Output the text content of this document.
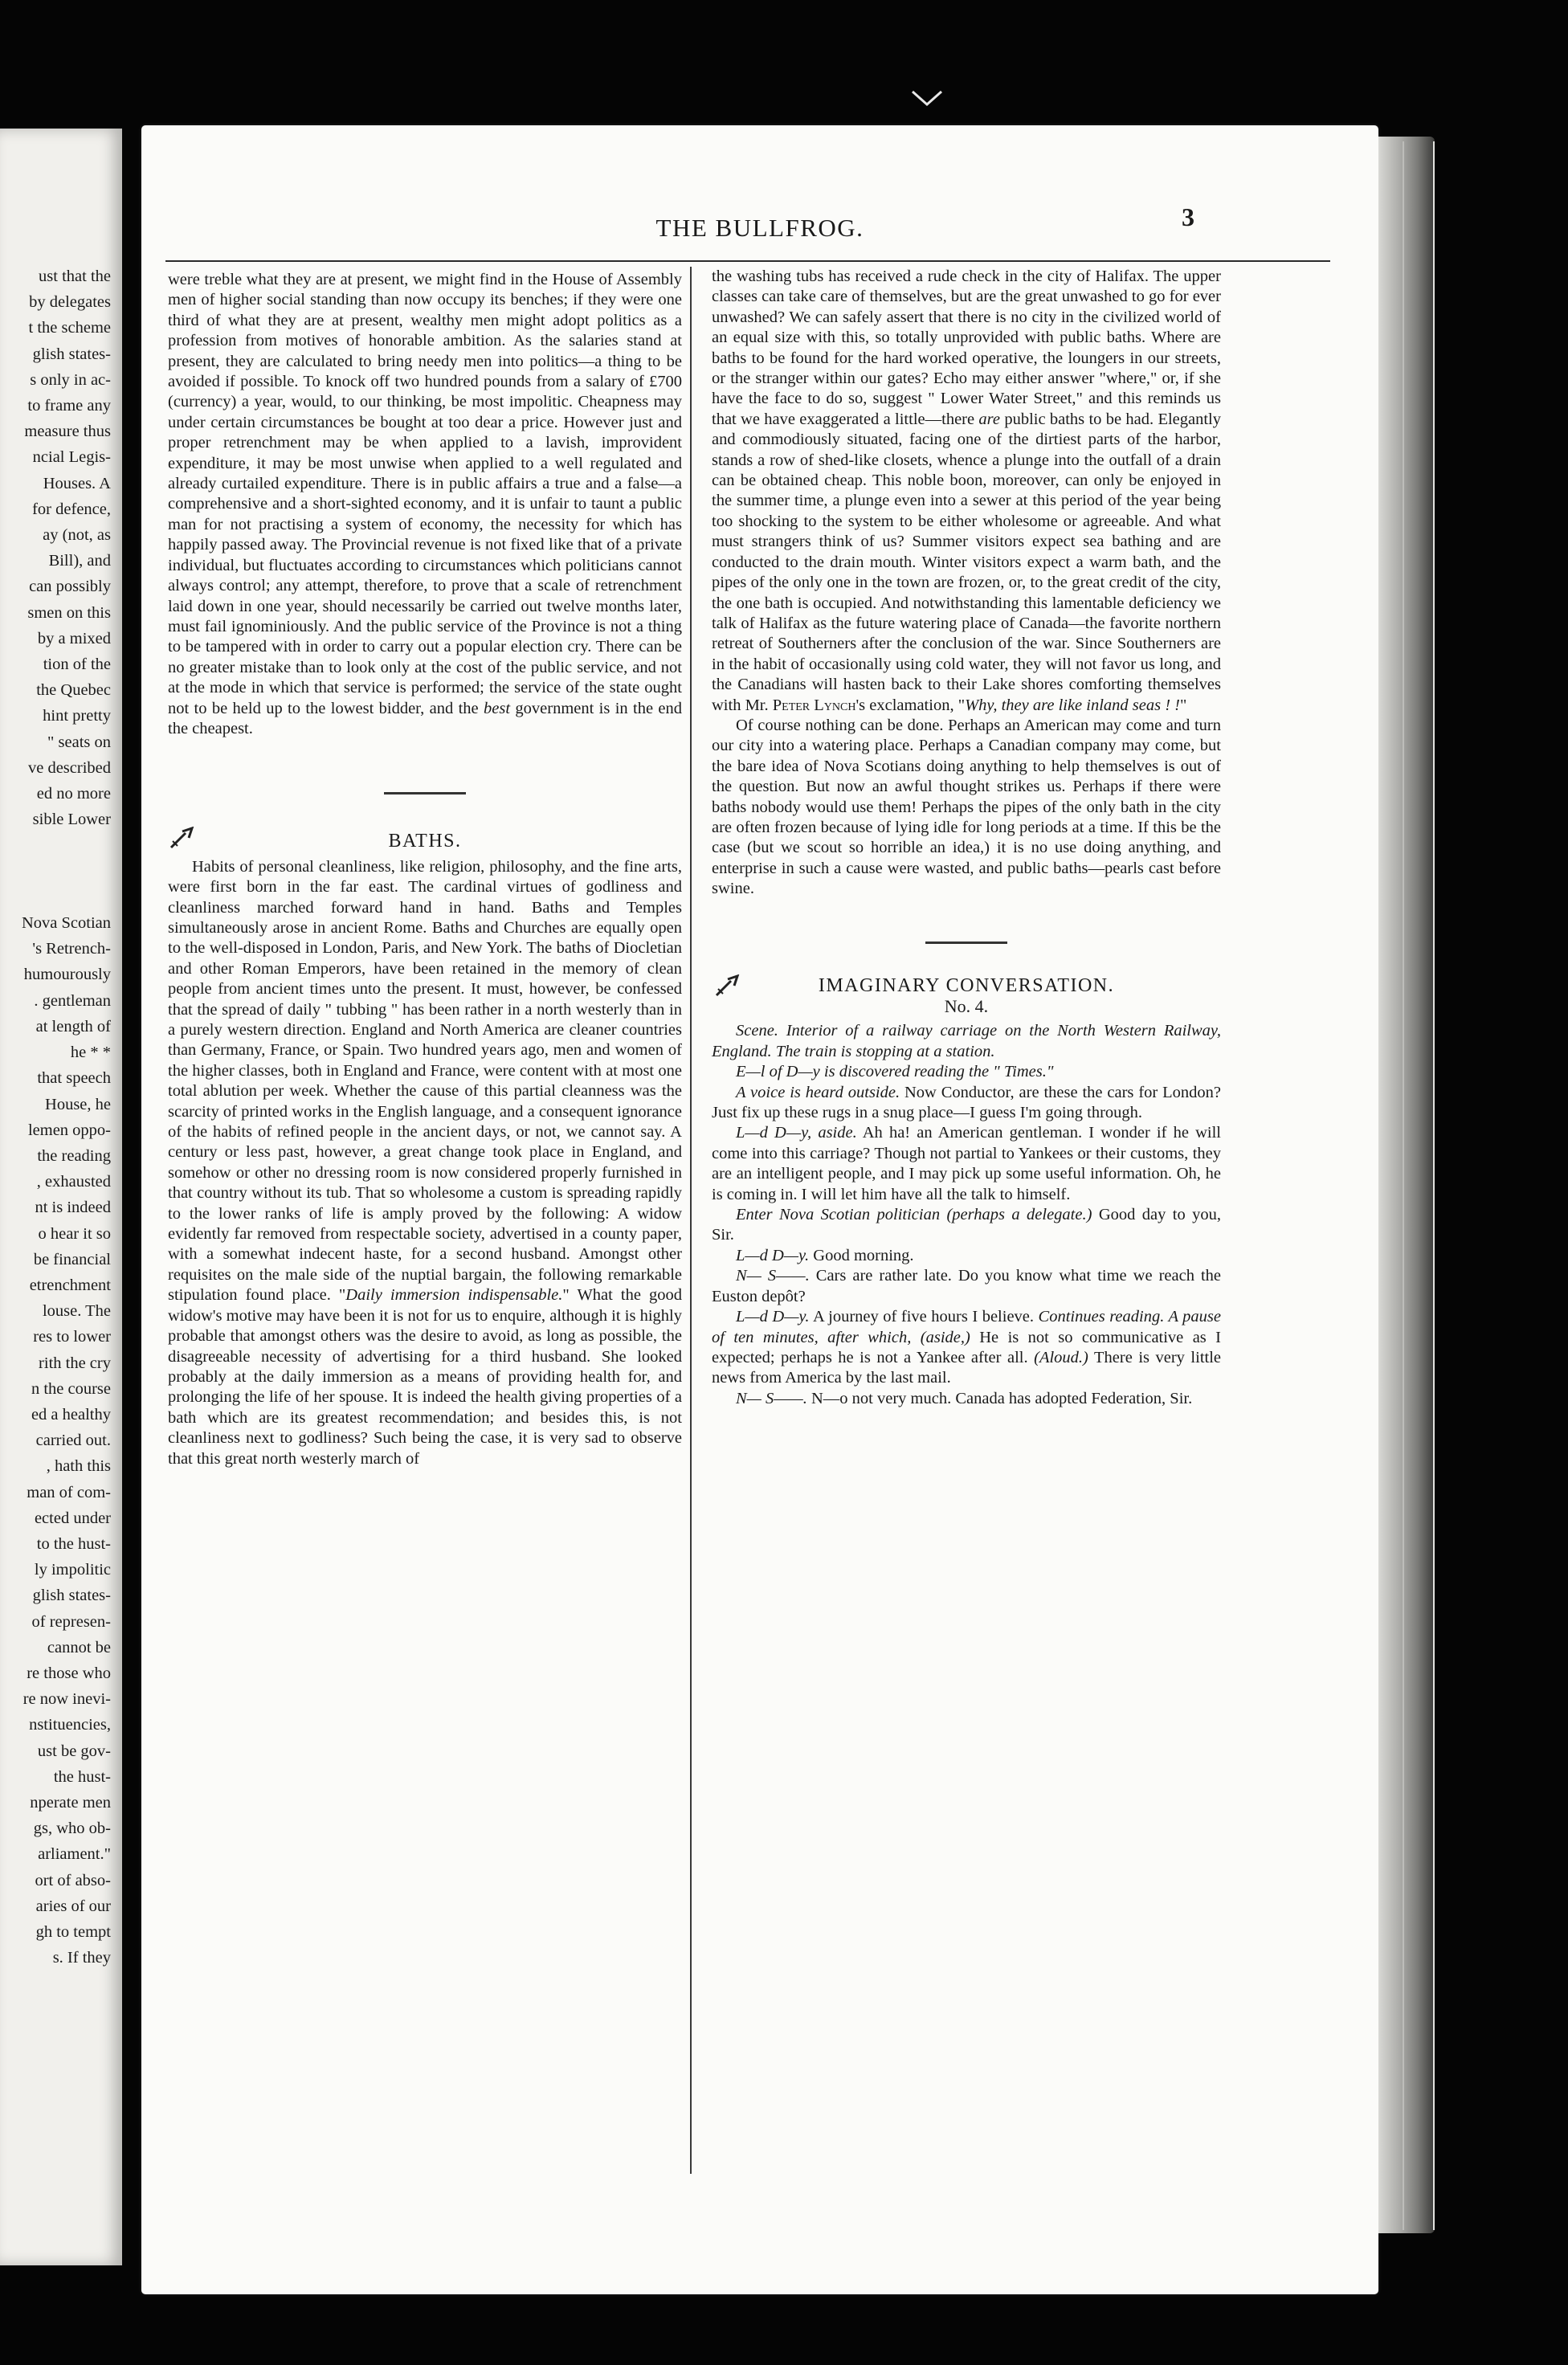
ust that the
by delegates
t the scheme
glish states-
s only in ac-
to frame any
measure thus
ncial Legis-
Houses. A
for defence,
ay (not, as
Bill), and
can possibly
smen on this
by a mixed
tion of the
the Quebec
hint pretty
" seats on
ve described
ed no more
sible Lower

Nova Scotian
's Retrench-
humourously
. gentleman
at length of
he * *
that speech
House, he
lemen oppo-
the reading
, exhausted
nt is indeed
o hear it so
be financial
etrenchment
louse. The
res to lower
rith the cry
n the course
ed a healthy
carried out.
, hath this
man of com-
ected under
to the hust-
ly impolitic
glish states-
of represen-
cannot be
re those who
re now inevi-
nstituencies,
ust be gov-
the hust-
nperate men
gs, who ob-
arliament."
ort of abso-
aries of our
gh to tempt
s. If they
THE BULLFROG.	3

were treble what they are at present, we might find in the House of Assembly men of higher social standing than now occupy its benches; if they were one third of what they are at present, wealthy men might adopt politics as a profession from motives of honorable ambition. As the salaries stand at present, they are calculated to bring needy men into politics—a thing to be avoided if possible. To knock off two hundred pounds from a salary of £700 (currency) a year, would, to our thinking, be most impolitic. Cheapness may under certain circumstances be bought at too dear a price. However just and proper retrenchment may be when applied to a lavish, improvident expenditure, it may be most unwise when applied to a well regulated and already curtailed expenditure. There is in public affairs a true and a false—a comprehensive and a short-sighted economy, and it is unfair to taunt a public man for not practising a system of economy, the necessity for which has happily passed away. The Provincial revenue is not fixed like that of a private individual, but fluctuates according to circumstances which politicians cannot always control; any attempt, therefore, to prove that a scale of retrenchment laid down in one year, should necessarily be carried out twelve months later, must fail ignominiously. And the public service of the Province is not a thing to be tampered with in order to carry out a popular election cry. There can be no greater mistake than to look only at the cost of the public service, and not at the mode in which that service is performed; the service of the state ought not to be held up to the lowest bidder, and the best government is in the end the cheapest.

BATHS.

Habits of personal cleanliness, like religion, philosophy, and the fine arts, were first born in the far east. The cardinal virtues of godliness and cleanliness marched forward hand in hand. Baths and Temples simultaneously arose in ancient Rome. Baths and Churches are equally open to the well-disposed in London, Paris, and New York. The baths of Diocletian and other Roman Emperors, have been retained in the memory of clean people from ancient times unto the present. It must, however, be confessed that the spread of daily " tubbing " has been rather in a north westerly than in a purely western direction. England and North America are cleaner countries than Germany, France, or Spain. Two hundred years ago, men and women of the higher classes, both in England and France, were content with at most one total ablution per week. Whether the cause of this partial cleanness was the scarcity of printed works in the English language, and a consequent ignorance of the habits of refined people in the ancient days, or not, we cannot say. A century or less past, however, a great change took place in England, and somehow or other no dressing room is now considered properly furnished in that country without its tub. That so wholesome a custom is spreading rapidly to the lower ranks of life is amply proved by the following: A widow evidently far removed from respectable society, advertised in a county paper, with a somewhat indecent haste, for a second husband. Amongst other requisites on the male side of the nuptial bargain, the following remarkable stipulation found place. "Daily immersion indispensable." What the good widow's motive may have been it is not for us to enquire, although it is highly probable that amongst others was the desire to avoid, as long as possible, the disagreeable necessity of advertising for a third husband. She looked probably at the daily immersion as a means of providing health for, and prolonging the life of her spouse. It is indeed the health giving properties of a bath which are its greatest recommendation; and besides this, is not cleanliness next to godliness? Such being the case, it is very sad to observe that this great north westerly march of

the washing tubs has received a rude check in the city of Halifax. The upper classes can take care of themselves, but are the great unwashed to go for ever unwashed? We can safely assert that there is no city in the civilized world of an equal size with this, so totally unprovided with public baths. Where are baths to be found for the hard worked operative, the loungers in our streets, or the stranger within our gates? Echo may either answer "where," or, if she have the face to do so, suggest " Lower Water Street," and this reminds us that we have exaggerated a little—there are public baths to be had. Elegantly and commodiously situated, facing one of the dirtiest parts of the harbor, stands a row of shed-like closets, whence a plunge into the outfall of a drain can be obtained cheap. This noble boon, moreover, can only be enjoyed in the summer time, a plunge even into a sewer at this period of the year being too shocking to the system to be either wholesome or agreeable. And what must strangers think of us? Summer visitors expect sea bathing and are conducted to the drain mouth. Winter visitors expect a warm bath, and the pipes of the only one in the town are frozen, or, to the great credit of the city, the one bath is occupied. And notwithstanding this lamentable deficiency we talk of Halifax as the future watering place of Canada—the favorite northern retreat of Southerners after the conclusion of the war. Since Southerners are in the habit of occasionally using cold water, they will not favor us long, and the Canadians will hasten back to their Lake shores comforting themselves with Mr. Peter Lynch's exclamation, "Why, they are like inland seas ! !"

Of course nothing can be done. Perhaps an American may come and turn our city into a watering place. Perhaps a Canadian company may come, but the bare idea of Nova Scotians doing anything to help themselves is out of the question. But now an awful thought strikes us. Perhaps if there were baths nobody would use them! Perhaps the pipes of the only bath in the city are often frozen because of lying idle for long periods at a time. If this be the case (but we scout so horrible an idea,) it is no use doing anything, and enterprise in such a cause were wasted, and public baths—pearls cast before swine.

IMAGINARY CONVERSATION.
No. 4.

Scene. Interior of a railway carriage on the North Western Railway, England. The train is stopping at a station.

E—l of D—y is discovered reading the " Times."

A voice is heard outside. Now Conductor, are these the cars for London? Just fix up these rugs in a snug place—I guess I'm going through.

L—d D—y, aside. Ah ha! an American gentleman. I wonder if he will come into this carriage? Though not partial to Yankees or their customs, they are an intelligent people, and I may pick up some useful information. Oh, he is coming in. I will let him have all the talk to himself.

Enter Nova Scotian politician (perhaps a delegate.) Good day to you, Sir.

L—d D—y. Good morning.

N— S——. Cars are rather late. Do you know what time we reach the Euston depôt?

L—d D—y. A journey of five hours I believe. Continues reading. A pause of ten minutes, after which, (aside,) He is not so communicative as I expected; perhaps he is not a Yankee after all. (Aloud.) There is very little news from America by the last mail.

N— S——. N—o not very much. Canada has adopted Federation, Sir.
